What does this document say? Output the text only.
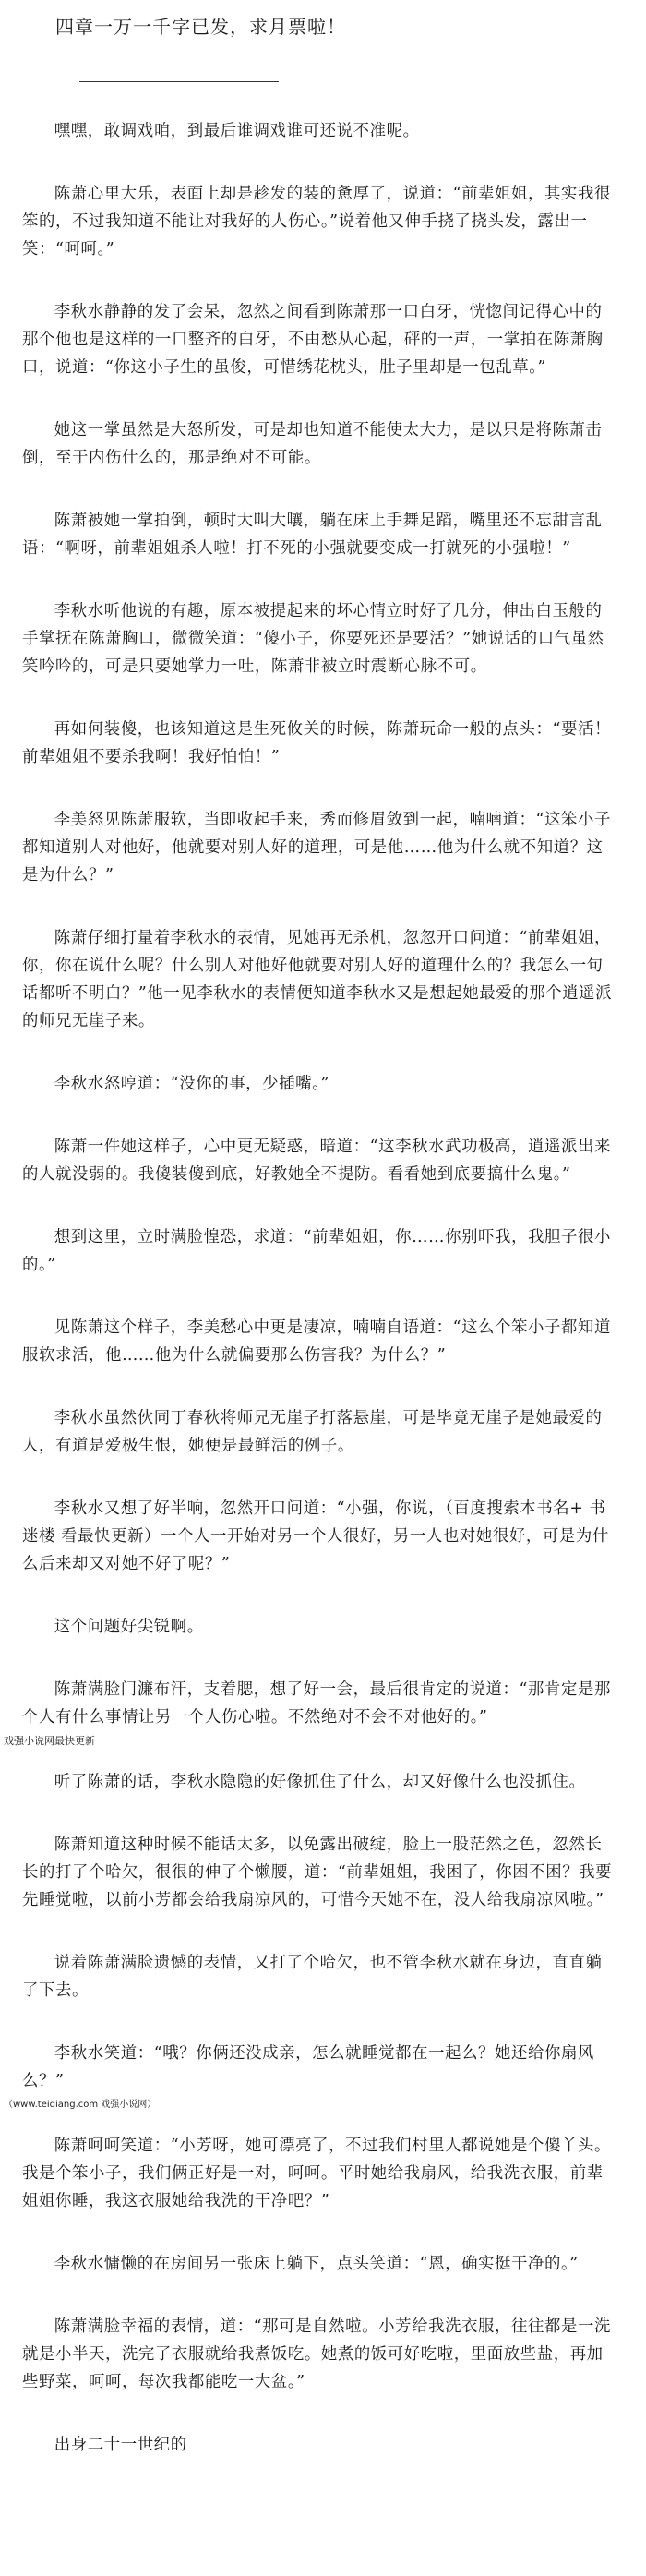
四章一万一千字已发，求月票啦！

嘿嘿，敢调戏咱，到最后谁调戏谁可还说不准呢。

陈萧心里大乐，表面上却是趁发的装的惫厚了，说道：“前辈姐姐，其实我很笨的，不过我知道不能让对我好的人伤心。”说着他又伸手挠了挠头发，露出一笑：“呵呵。”

李秋水静静的发了会呆，忽然之间看到陈萧那一口白牙，恍惚间记得心中的那个他也是这样的一口整齐的白牙，不由愁从心起，砰的一声，一掌拍在陈萧胸口，说道：“你这小子生的虽俊，可惜绣花枕头，肚子里却是一包乱草。”

她这一掌虽然是大怒所发，可是却也知道不能使太大力，是以只是将陈萧击倒，至于内伤什么的，那是绝对不可能。

陈萧被她一掌拍倒，顿时大叫大嚷，躺在床上手舞足蹈，嘴里还不忘甜言乱语：“啊呀，前辈姐姐杀人啦！打不死的小强就要变成一打就死的小强啦！”

李秋水听他说的有趣，原本被提起来的坏心情立时好了几分，伸出白玉般的手掌抚在陈萧胸口，微微笑道：“傻小子，你要死还是要活？”她说话的口气虽然笑吟吟的，可是只要她掌力一吐，陈萧非被立时震断心脉不可。

再如何装傻，也该知道这是生死攸关的时候，陈萧玩命一般的点头：“要活！前辈姐姐不要杀我啊！我好怕怕！”

李美怒见陈萧服软，当即收起手来，秀而修眉敛到一起，喃喃道：“这笨小子都知道别人对他好，他就要对别人好的道理，可是他……他为什么就不知道？这是为什么？”

陈萧仔细打量着李秋水的表情，见她再无杀机，忽忽开口问道：“前辈姐姐，你，你在说什么呢？什么别人对他好他就要对别人好的道理什么的？我怎么一句话都听不明白？”他一见李秋水的表情便知道李秋水又是想起她最爱的那个逍遥派的师兄无崖子来。

李秋水怒哼道：“没你的事，少插嘴。”

陈萧一件她这样子，心中更无疑惑，暗道：“这李秋水武功极高，逍遥派出来的人就没弱的。我傻装傻到底，好教她全不提防。看看她到底要搞什么鬼。”

想到这里，立时满脸惶恐，求道：“前辈姐姐，你……你别吓我，我胆子很小的。”

见陈萧这个样子，李美愁心中更是凄凉，喃喃自语道：“这么个笨小子都知道服软求活，他……他为什么就偏要那么伤害我？为什么？”

李秋水虽然伙同丁春秋将师兄无崖子打落悬崖，可是毕竟无崖子是她最爱的人，有道是爱极生恨，她便是最鲜活的例子。

李秋水又想了好半响，忽然开口问道：“小强，你说，（百度搜索本书名+ 书迷楼 看最快更新）一个人一开始对另一个人很好，另一人也对她很好，可是为什么后来却又对她不好了呢？”

这个问题好尖锐啊。

陈萧满脸门濂布汗，支着腮，想了好一会，最后很肯定的说道：“那肯定是那个人有什么事情让另一个人伤心啦。不然绝对不会不对他好的。”

戏强小说网最快更新

听了陈萧的话，李秋水隐隐的好像抓住了什么，却又好像什么也没抓住。

陈萧知道这种时候不能话太多，以免露出破绽，脸上一股茫然之色，忽然长长的打了个哈欠，很很的伸了个懒腰，道：“前辈姐姐，我困了，你困不困？我要先睡觉啦，以前小芳都会给我扇凉风的，可惜今天她不在，没人给我扇凉风啦。”

说着陈萧满脸遗憾的表情，又打了个哈欠，也不管李秋水就在身边，直直躺了下去。

李秋水笑道：“哦？你俩还没成亲，怎么就睡觉都在一起么？她还给你扇风么？”

（www.teiqiang.com 戏强小说网）

陈萧呵呵笑道：“小芳呀，她可漂亮了，不过我们村里人都说她是个傻丫头。我是个笨小子，我们俩正好是一对，呵呵。平时她给我扇风，给我洗衣服，前辈姐姐你睡，我这衣服她给我洗的干净吧？”

李秋水慵懒的在房间另一张床上躺下，点头笑道：“恩，确实挺干净的。”

陈萧满脸幸福的表情，道：“那可是自然啦。小芳给我洗衣服，往往都是一洗就是小半天，洗完了衣服就给我煮饭吃。她煮的饭可好吃啦，里面放些盐，再加些野菜，呵呵，每次我都能吃一大盆。”

出身二十一世纪的
